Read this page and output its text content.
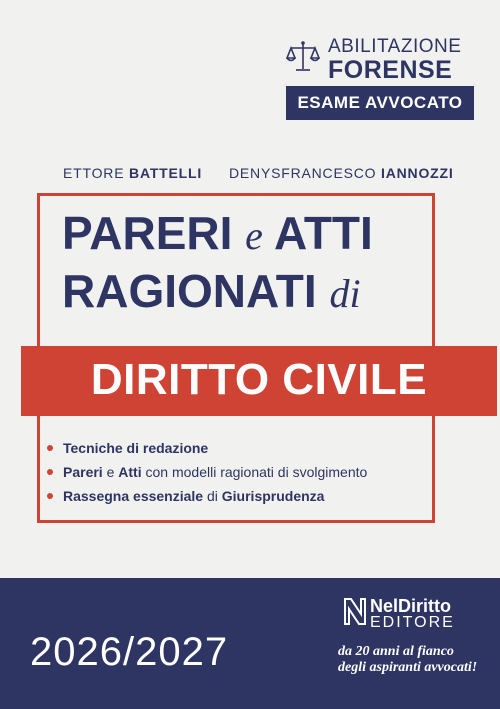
ABILITAZIONE
FORENSE
ESAME AVVOCATO
ETTORE BATTELLI DENYSFRANCESCO IANNOZZI
PARERI e ATTI
RAGIONATI di
DIRITTO CIVILE
Tecniche di redazione
Pareri e Atti con modelli ragionati di svolgimento
Rassegna essenziale di Giurisprudenza
2026/2027
NelDiritto
EDITORE
da 20 anni al fianco
degli aspiranti avvocati!
